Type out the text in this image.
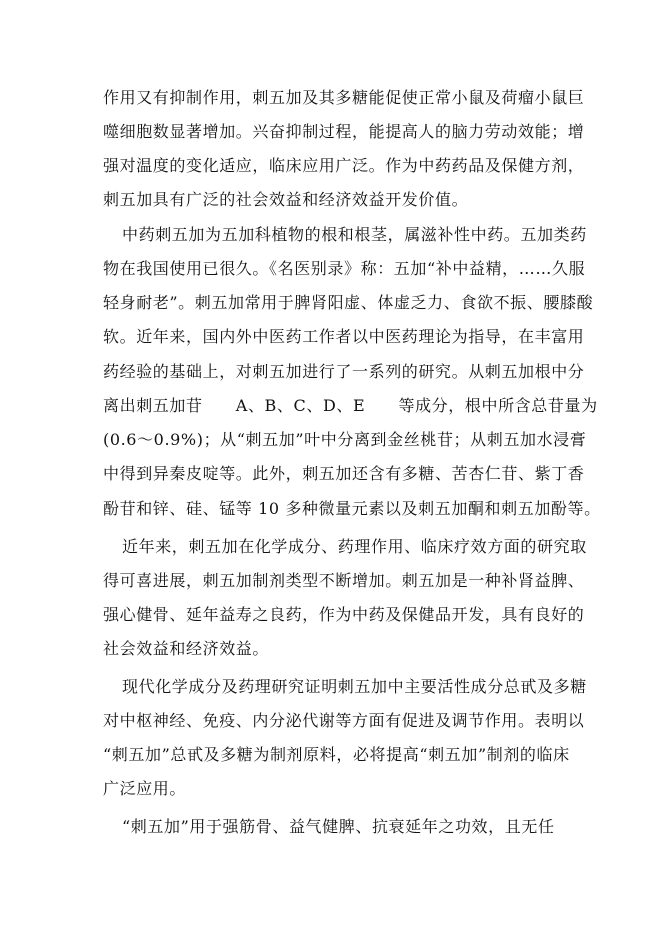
作用又有抑制作用，刺五加及其多糖能促使正常小鼠及荷瘤小鼠巨
噬细胞数显著增加。兴奋抑制过程，能提高人的脑力劳动效能；增
强对温度的变化适应，临床应用广泛。作为中药药品及保健方剂，
刺五加具有广泛的社会效益和经济效益开发价值。
中药刺五加为五加科植物的根和根茎，属滋补性中药。五加类药
物在我国使用已很久。《名医别录》称：五加“补中益精，……久服
轻身耐老”。刺五加常用于脾肾阳虚、体虚乏力、食欲不振、腰膝酸
软。近年来，国内外中医药工作者以中医药理论为指导，在丰富用
药经验的基础上，对刺五加进行了一系列的研究。从刺五加根中分
离出刺五加苷　　A、B、C、D、E　　等成分，根中所含总苷量为
(0.6～0.9%)；从“刺五加”叶中分离到金丝桃苷；从刺五加水浸膏
中得到异秦皮啶等。此外，刺五加还含有多糖、苦杏仁苷、紫丁香
酚苷和锌、硅、锰等 10 多种微量元素以及刺五加酮和刺五加酚等。
近年来，刺五加在化学成分、药理作用、临床疗效方面的研究取
得可喜进展，刺五加制剂类型不断增加。刺五加是一种补肾益脾、
强心健骨、延年益寿之良药，作为中药及保健品开发，具有良好的
社会效益和经济效益。
现代化学成分及药理研究证明刺五加中主要活性成分总甙及多糖
对中枢神经、免疫、内分泌代谢等方面有促进及调节作用。表明以
“刺五加”总甙及多糖为制剂原料，必将提高“刺五加”制剂的临床
广泛应用。
“刺五加”用于强筋骨、益气健脾、抗衰延年之功效，且无任
